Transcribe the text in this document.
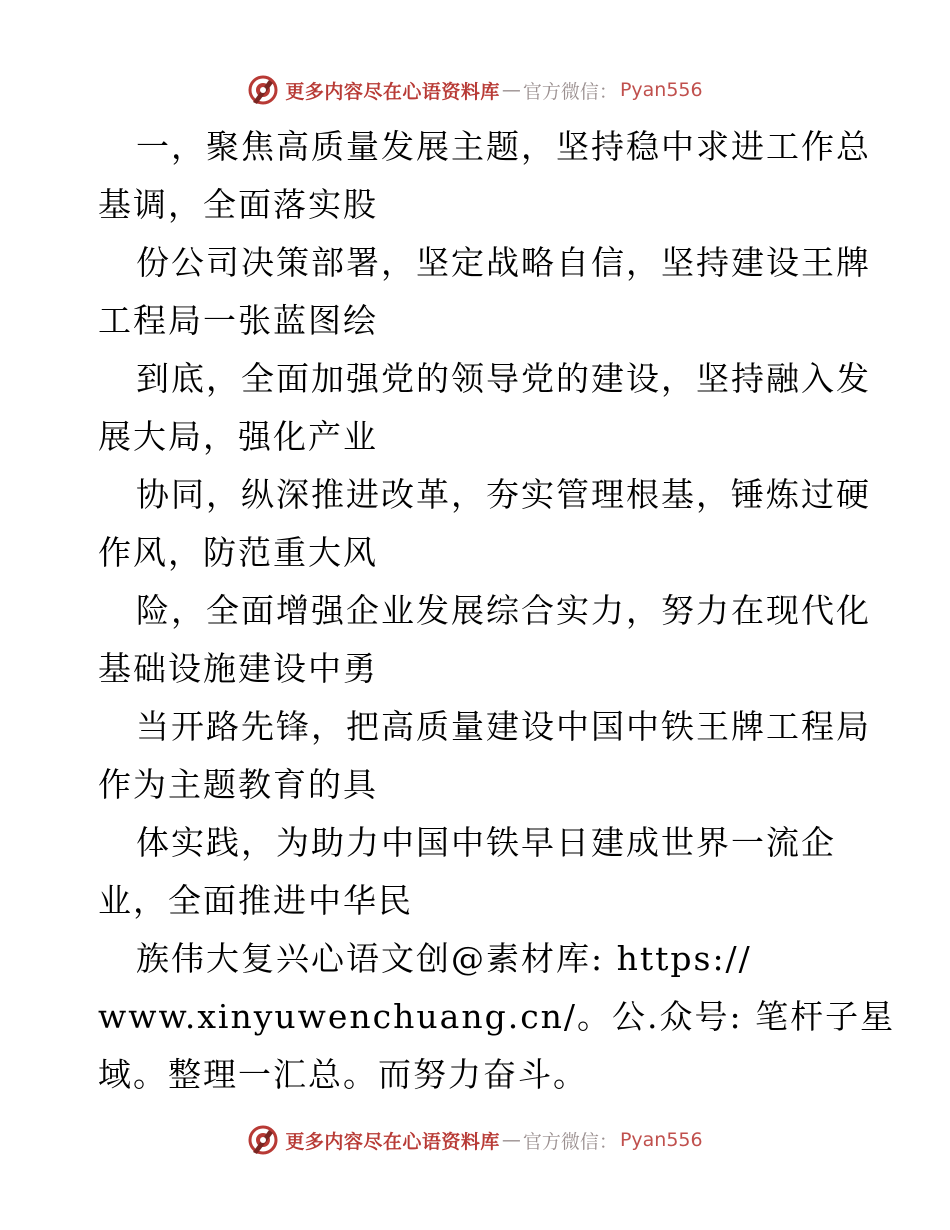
更多内容尽在心语资料库 — 官方微信： Pyan556
一，聚焦高质量发展主题，坚持稳中求进工作总
基调，全面落实股
份公司决策部署，坚定战略自信，坚持建设王牌
工程局一张蓝图绘
到底，全面加强党的领导党的建设，坚持融入发
展大局，强化产业
协同，纵深推进改革，夯实管理根基，锤炼过硬
作风，防范重大风
险，全面增强企业发展综合实力，努力在现代化
基础设施建设中勇
当开路先锋，把高质量建设中国中铁王牌工程局
作为主题教育的具
体实践，为助力中国中铁早日建成世界一流企
业，全面推进中华民
族伟大复兴心语文创@素材库: https://
www.xinyuwenchuang.cn/。公.众号: 笔杆子星
域。整理一汇总。而努力奋斗。
更多内容尽在心语资料库 — 官方微信： Pyan556
